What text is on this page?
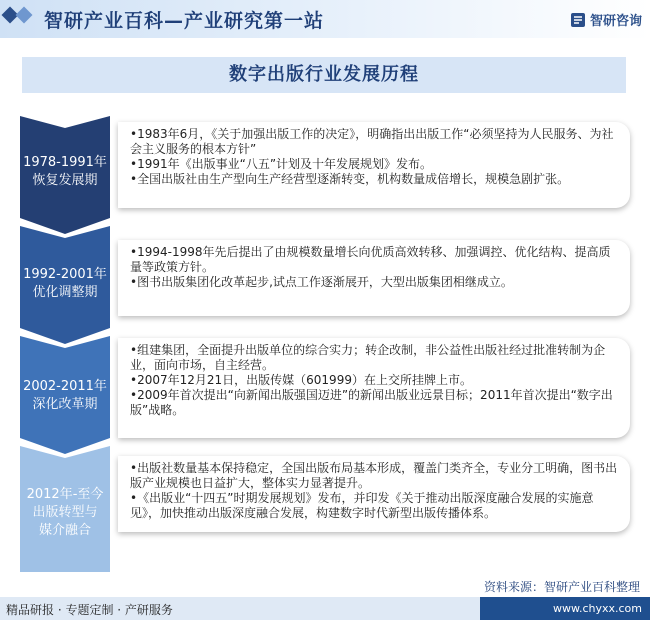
智研产业百科—产业研究第一站	智研咨询
数字出版行业发展历程
1978-1991年
恢复发展期

•1983年6月，《关于加强出版工作的决定》，明确指出出版工作“必须坚持为人民服务、为社会主义服务的根本方针”

•1991年《出版事业“八五”计划及十年发展规划》发布。

•全国出版社由生产型向生产经营型逐渐转变，机构数量成倍增长，规模急剧扩张。

1992-2001年
优化调整期

•1994-1998年先后提出了由规模数量增长向优质高效转移、加强调控、优化结构、提高质量等政策方针。

•图书出版集团化改革起步,试点工作逐渐展开，大型出版集团相继成立。

2002-2011年
深化改革期

•组建集团，全面提升出版单位的综合实力；转企改制，非公益性出版社经过批准转制为企业，面向市场，自主经营。

•2007年12月21日，出版传媒（601999）在上交所挂牌上市。

•2009年首次提出“向新闻出版强国迈进”的新闻出版业远景目标；2011年首次提出“数字出版”战略。

2012年-至今
出版转型与
媒介融合

•出版社数量基本保持稳定，全国出版布局基本形成，覆盖门类齐全，专业分工明确，图书出版产业规模也日益扩大，整体实力显著提升。

•《出版业“十四五”时期发展规划》发布，并印发《关于推动出版深度融合发展的实施意见》，加快推动出版深度融合发展，构建数字时代新型出版传播体系。

资料来源：智研产业百科整理
精品研报 · 专题定制 · 产研服务	www.chyxx.com
